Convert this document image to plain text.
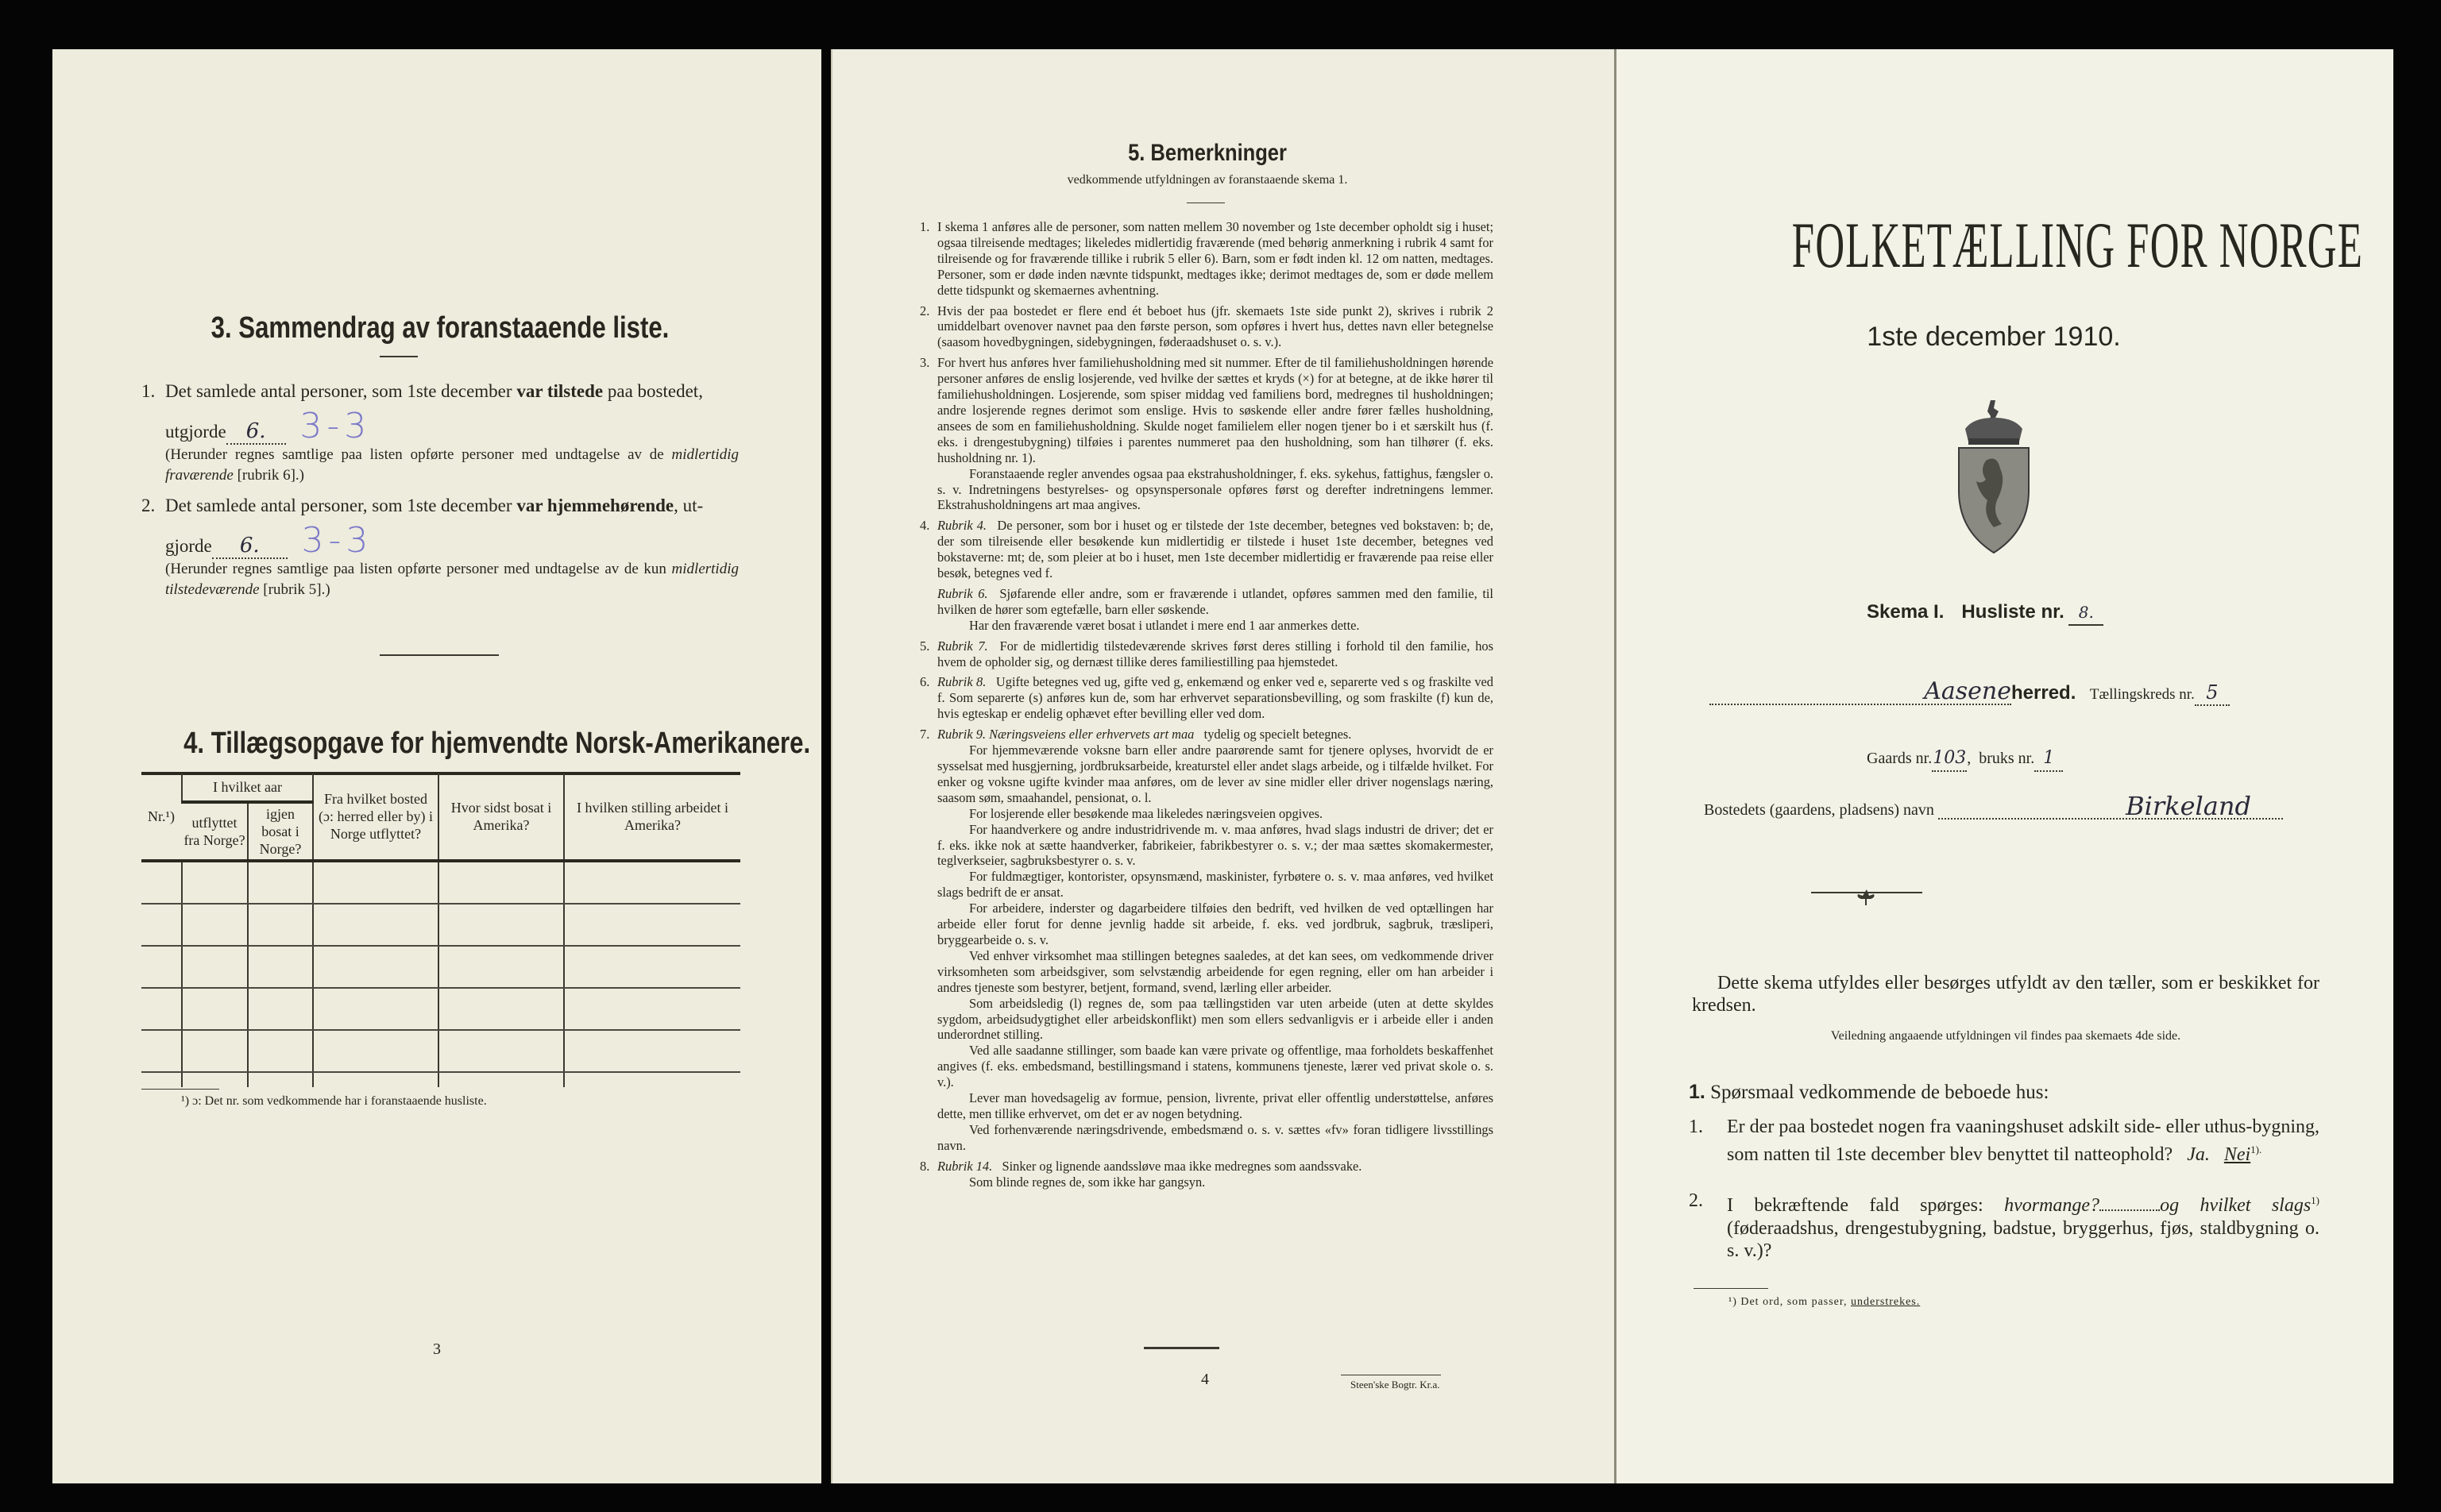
3. Sammendrag av foranstaaende liste.
1. Det samlede antal personer, som 1ste december var tilstede paa bostedet,
utgjorde 6. 3-3
(Herunder regnes samtlige paa listen opførte personer med undtagelse av de midlertidig fraværende [rubrik 6].)
2. Det samlede antal personer, som 1ste december var hjemmehørende, ut-
gjorde 6. 3-3
(Herunder regnes samtlige paa listen opførte personer med undtagelse av de kun midlertidig tilstedeværende [rubrik 5].)
4. Tillægsopgave for hjemvendte Norsk-Amerikanere.
Nr.¹)	I hvilket aar		Fra hvilket bosted (ɔ: herred eller by) i Norge utflyttet?	Hvor sidst bosat i Amerika?	I hvilken stilling arbeidet i Amerika?
	utflyttet fra Norge?	igjen bosat i Norge?			

¹) ɔ: Det nr. som vedkommende har i foranstaaende husliste.
3
5. Bemerkninger
vedkommende utfyldningen av foranstaaende skema 1.
1. I skema 1 anføres alle de personer, som natten mellem 30 november og 1ste december opholdt sig i huset; ogsaa tilreisende medtages; likeledes midlertidig fraværende (med behørig anmerkning i rubrik 4 samt for tilreisende og for fraværende tillike i rubrik 5 eller 6). Barn, som er født inden kl. 12 om natten, medtages. Personer, som er døde inden nævnte tidspunkt, medtages ikke; derimot medtages de, som er døde mellem dette tidspunkt og skemaernes avhentning.
2. Hvis der paa bostedet er flere end ét beboet hus (jfr. skemaets 1ste side punkt 2), skrives i rubrik 2 umiddelbart ovenover navnet paa den første person, som opføres i hvert hus, dettes navn eller betegnelse (saasom hovedbygningen, sidebygningen, føderaadshuset o. s. v.).
3. For hvert hus anføres hver familiehusholdning med sit nummer. Efter de til familiehusholdningen hørende personer anføres de enslig losjerende, ved hvilke der sættes et kryds (×) for at betegne, at de ikke hører til familiehusholdningen. Losjerende, som spiser middag ved familiens bord, medregnes til husholdningen; andre losjerende regnes derimot som enslige. Hvis to søskende eller andre fører fælles husholdning, ansees de som en familiehusholdning. Skulde noget familielem eller nogen tjener bo i et særskilt hus (f. eks. i drengestubygning) tilføies i parentes nummeret paa den husholdning, som han tilhører (f. eks. husholdning nr. 1).
Foranstaaende regler anvendes ogsaa paa ekstrahusholdninger, f. eks. sykehus, fattighus, fængsler o. s. v. Indretningens bestyrelses- og opsynspersonale opføres først og derefter indretningens lemmer. Ekstrahusholdningens art maa angives.
4. Rubrik 4.  De personer, som bor i huset og er tilstede der 1ste december, betegnes ved bokstaven: b; de, der som tilreisende eller besøkende kun midlertidig er tilstede i huset 1ste december, betegnes ved bokstaverne: mt; de, som pleier at bo i huset, men 1ste december midlertidig er fraværende paa reise eller besøk, betegnes ved f.
Rubrik 6.  Sjøfarende eller andre, som er fraværende i utlandet, opføres sammen med den familie, til hvilken de hører som egtefælle, barn eller søskende.
Har den fraværende været bosat i utlandet i mere end 1 aar anmerkes dette.
5. Rubrik 7.  For de midlertidig tilstedeværende skrives først deres stilling i forhold til den familie, hos hvem de opholder sig, og dernæst tillike deres familiestilling paa hjemstedet.
6. Rubrik 8.  Ugifte betegnes ved ug, gifte ved g, enkemænd og enker ved e, separerte ved s og fraskilte ved f. Som separerte (s) anføres kun de, som har erhvervet separationsbevilling, og som fraskilte (f) kun de, hvis egteskap er endelig ophævet efter bevilling eller ved dom.
7. Rubrik 9. Næringsveiens eller erhvervets art maa  tydelig og specielt betegnes.
For hjemmeværende voksne barn eller andre paarørende samt for tjenere oplyses, hvorvidt de er sysselsat med husgjerning, jordbruksarbeide, kreaturstel eller andet slags arbeide, og i tilfælde hvilket. For enker og voksne ugifte kvinder maa anføres, om de lever av sine midler eller driver nogenslags næring, saasom søm, smaahandel, pensionat, o. l.
For losjerende eller besøkende maa likeledes næringsveien opgives.
For haandverkere og andre industridrivende m. v. maa anføres, hvad slags industri de driver; det er f. eks. ikke nok at sætte haandverker, fabrikeier, fabrikbestyrer o. s. v.; der maa sættes skomakermester, teglverkseier, sagbruksbestyrer o. s. v.
For fuldmægtiger, kontorister, opsynsmænd, maskinister, fyrbøtere o. s. v. maa anføres, ved hvilket slags bedrift de er ansat.
For arbeidere, inderster og dagarbeidere tilføies den bedrift, ved hvilken de ved optællingen har arbeide eller forut for denne jevnlig hadde sit arbeide, f. eks. ved jordbruk, sagbruk, træsliperi, bryggearbeide o. s. v.
Ved enhver virksomhet maa stillingen betegnes saaledes, at det kan sees, om vedkommende driver virksomheten som arbeidsgiver, som selvstændig arbeidende for egen regning, eller om han arbeider i andres tjeneste som bestyrer, betjent, formand, svend, lærling eller arbeider.
Som arbeidsledig (l) regnes de, som paa tællingstiden var uten arbeide (uten at dette skyldes sygdom, arbeidsudygtighet eller arbeidskonflikt) men som ellers sedvanligvis er i arbeide eller i anden underordnet stilling.
Ved alle saadanne stillinger, som baade kan være private og offentlige, maa forholdets beskaffenhet angives (f. eks. embedsmand, bestillingsmand i statens, kommunens tjeneste, lærer ved privat skole o. s. v.).
Lever man hovedsagelig av formue, pension, livrente, privat eller offentlig understøttelse, anføres dette, men tillike erhvervet, om det er av nogen betydning.
Ved forhenværende næringsdrivende, embedsmænd o. s. v. sættes «fv» foran tidligere livsstillings navn.
8. Rubrik 14.  Sinker og lignende aandssløve maa ikke medregnes som aandssvake.
Som blinde regnes de, som ikke har gangsyn.
4	Steen'ske Bogtr. Kr.a.
FOLKETÆLLING FOR NORGE
1ste december 1910.
Skema I. Husliste nr. 8.
Aaseneherred. Tællingskreds nr. 5
Gaards nr.103,  bruks nr. 1
Bostedets (gaardens, pladsens) navn	Birkeland
Dette skema utfyldes eller besørges utfyldt av den tæller, som er beskikket for kredsen.
Veiledning angaaende utfyldningen vil findes paa skemaets 4de side.
1. Spørsmaal vedkommende de beboede hus:
1. Er der paa bostedet nogen fra vaaningshuset adskilt side- eller uthus-bygning, som natten til 1ste december blev benyttet til natteophold? Ja. Nei$^{1).}$
2. I bekræftende fald spørges: hvormange?	og hvilket slags$^{1)}$ (føderaadshus, drengestubygning, badstue, bryggerhus, fjøs, staldbygning o. s. v.)?
¹) Det ord, som passer, understrekes.
